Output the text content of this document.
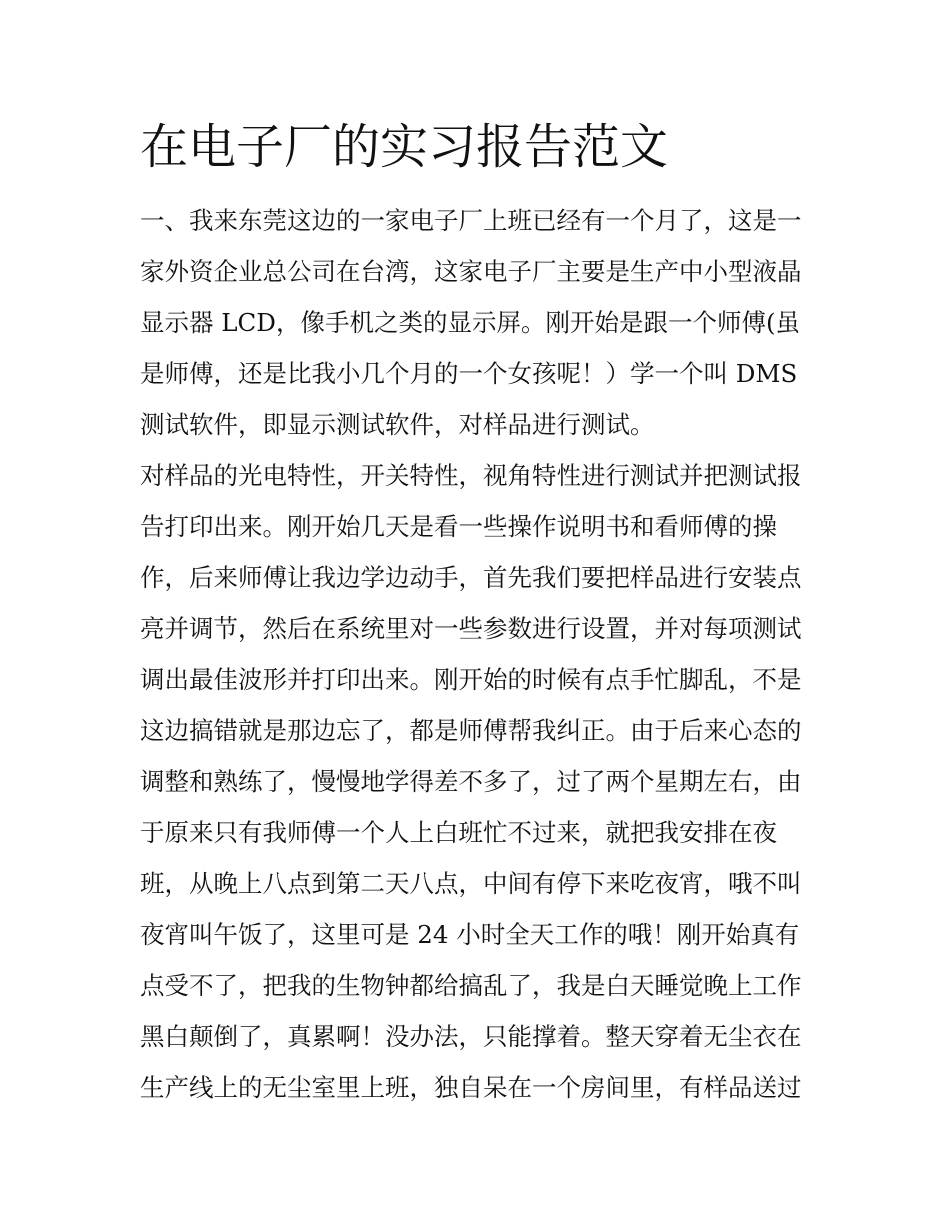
在电子厂的实习报告范文

一、我来东莞这边的一家电子厂上班已经有一个月了，这是一

家外资企业总公司在台湾，这家电子厂主要是生产中小型液晶

显示器 LCD，像手机之类的显示屏。刚开始是跟一个师傅(虽

是师傅，还是比我小几个月的一个女孩呢！）学一个叫 DMS

测试软件，即显示测试软件，对样品进行测试。

对样品的光电特性，开关特性，视角特性进行测试并把测试报

告打印出来。刚开始几天是看一些操作说明书和看师傅的操

作，后来师傅让我边学边动手，首先我们要把样品进行安装点

亮并调节，然后在系统里对一些参数进行设置，并对每项测试

调出最佳波形并打印出来。刚开始的时候有点手忙脚乱，不是

这边搞错就是那边忘了，都是师傅帮我纠正。由于后来心态的

调整和熟练了，慢慢地学得差不多了，过了两个星期左右，由

于原来只有我师傅一个人上白班忙不过来，就把我安排在夜

班，从晚上八点到第二天八点，中间有停下来吃夜宵，哦不叫

夜宵叫午饭了，这里可是 24 小时全天工作的哦！刚开始真有

点受不了，把我的生物钟都给搞乱了，我是白天睡觉晚上工作

黑白颠倒了，真累啊！没办法，只能撑着。整天穿着无尘衣在

生产线上的无尘室里上班，独自呆在一个房间里，有样品送过
